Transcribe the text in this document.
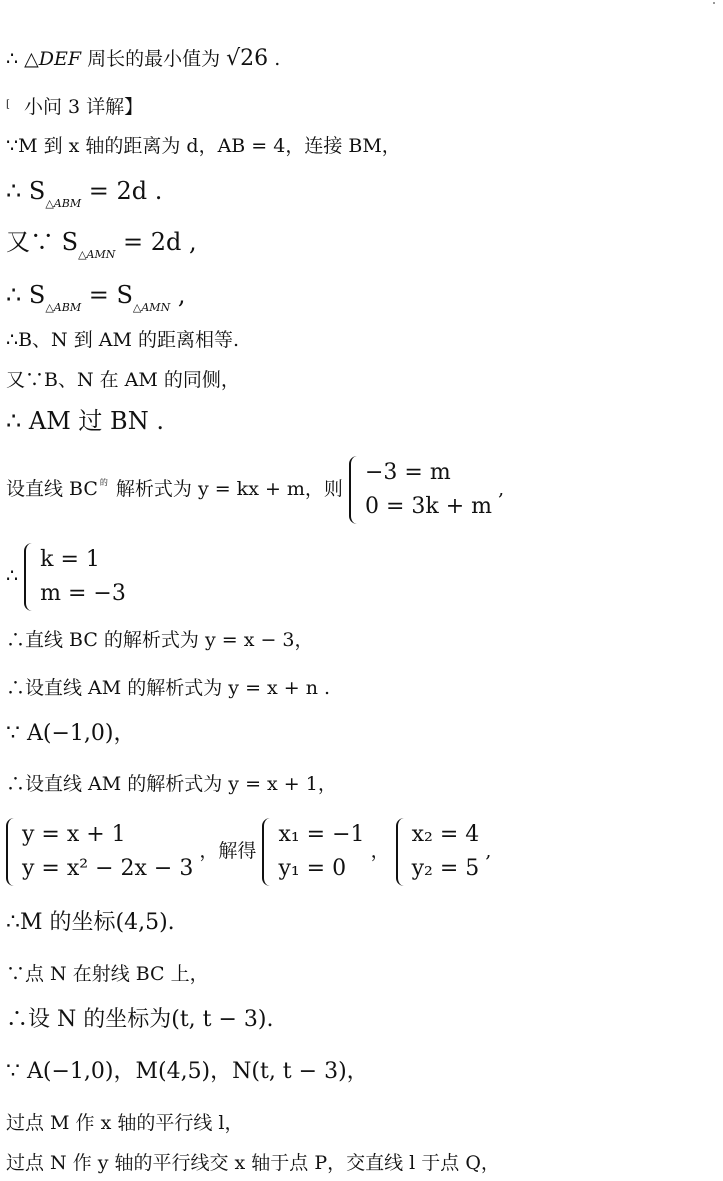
∴ △DEF 周长的最小值为 √26 .
[ 小问 3 详解】
∵M 到 x 轴的距离为 d，AB = 4，连接 BM，
∴ $S_{\triangle ABM} = 2d$ .
又∵ $S_{\triangle AMN} = 2d$ ,
∴ $S_{\triangle ABM} = S_{\triangle AMN}$ ,
∴B、N 到 AM 的距离相等.
又∵B、N 在 AM 的同侧，
∴ AM 过 BN .
设直线 BC $^的$ 解析式为 y = kx + m，则
−3 = m
0 = 3k + m
,
∴
k = 1
m = −3
∴直线 BC 的解析式为 y = x − 3，
∴设直线 AM 的解析式为 y = x + n .
∵ A(−1,0)，
∴设直线 AM 的解析式为 y = x + 1，
y = x + 1
y = x² − 2x − 3
，解得
x₁ = −1
y₁ = 0
，
x₂ = 4
y₂ = 5
,
∴M 的坐标(4,5).
∵点 N 在射线 BC 上，
∴设 N 的坐标为(t, t − 3).
∵ A(−1,0)，M(4,5)，N(t, t − 3)，
过点 M 作 x 轴的平行线 l，
过点 N 作 y 轴的平行线交 x 轴于点 P，交直线 l 于点 Q，
